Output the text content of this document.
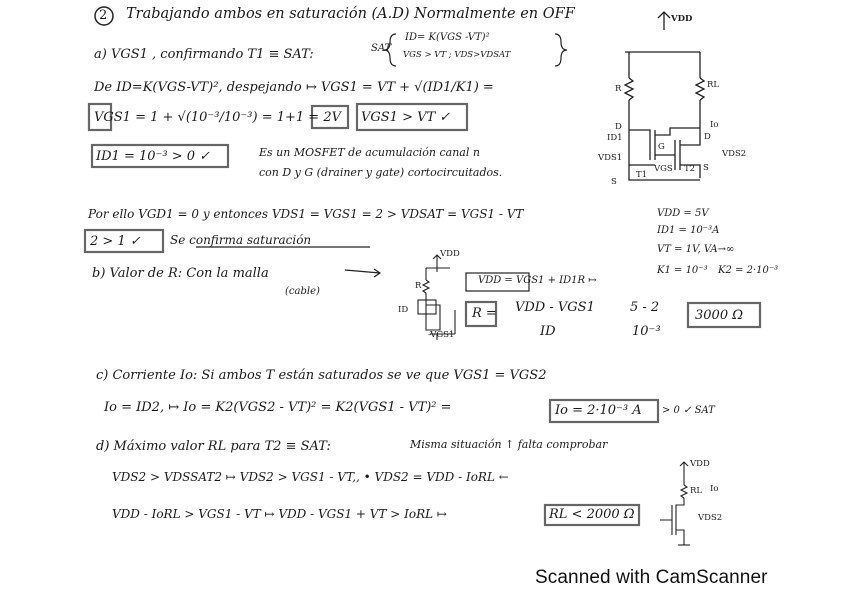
2 Trabajando ambos en saturación (A.D) Normalmente en OFF
a) VGS1 , confirmando T1 ≡ SAT:	SAT
ID= K(VGS -VT)²
VGS > VT ; VDS>VDSAT
De ID=K(VGS-VT)², despejando ↦ VGS1 = VT + √(ID1/K1) =
VGS1 = 1 + √(10⁻³/10⁻³) = 1+1 = 2V VGS1 > VT ✓
ID1 = 10⁻³ > 0 ✓	Es un MOSFET de acumulación canal n
con D y G (drainer y gate) cortocircuitados.
Por ello VGD1 = 0 y entonces VDS1 = VGS1 = 2 > VDSAT = VGS1 - VT
2 > 1 ✓ Se confirma saturación
VDD
R	RL
Io
ID1
D
D
VDS1	VDS2
VGS
T1
T2
S
S
G
VDD = 5V
ID1 = 10⁻³A
VT = 1V, VA→∞
K1 = 10⁻³ K2 = 2·10⁻³
b) Valor de R: Con la malla
(cable)
VDD = VGS1 + ID1R ↦
R = VDD - VGS1
ID
5 - 2
10⁻³
3000 Ω
VDD
R
ID
-VGS1
c) Corriente Io: Si ambos T están saturados se ve que VGS1 = VGS2
Io = ID2, ↦ Io = K2(VGS2 - VT)² = K2(VGS1 - VT)² =	Io = 2·10⁻³ A > 0 ✓ SAT
d) Máximo valor RL para T2 ≡ SAT:	Misma situación ↑ falta comprobar
VDS2 > VDSSAT2 ↦ VDS2 > VGS1 - VT,, • VDS2 = VDD - IoRL ←
VDD - IoRL > VGS1 - VT ↦ VDD - VGS1 + VT > IoRL ↦	RL < 2000 Ω
VDD
RL Io
VDS2
Scanned with CamScanner
